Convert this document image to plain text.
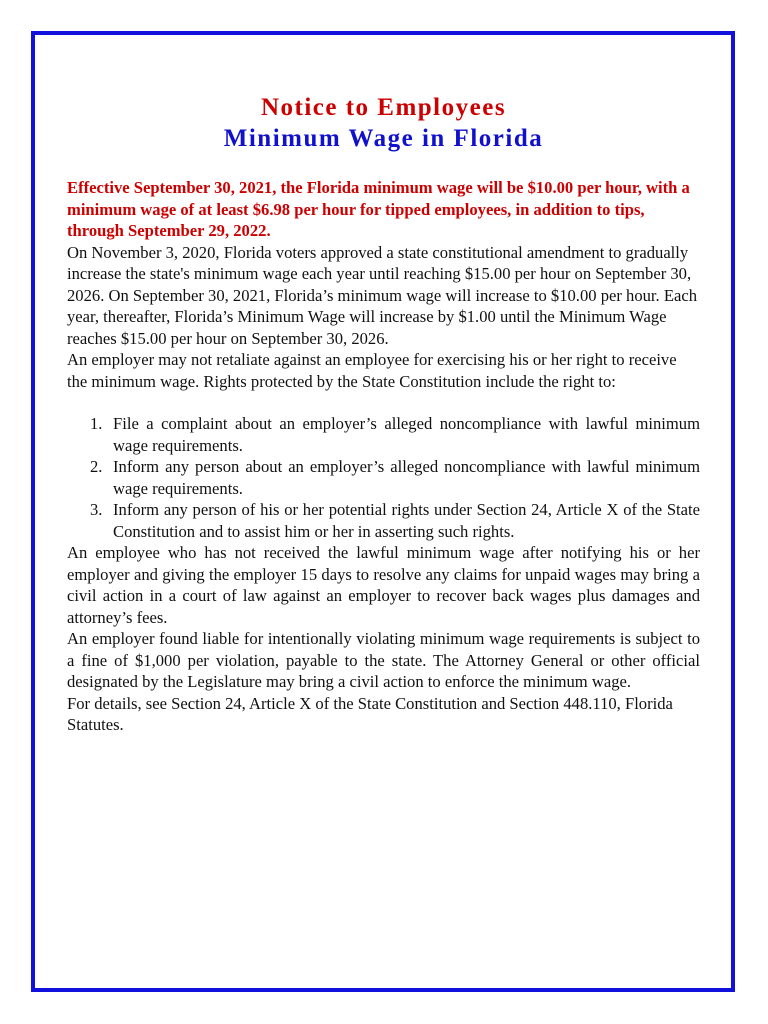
Notice to Employees
Minimum Wage in Florida

Effective September 30, 2021, the Florida minimum wage will be $10.00 per hour, with a minimum wage of at least $6.98 per hour for tipped employees, in addition to tips, through September 29, 2022.

On November 3, 2020, Florida voters approved a state constitutional amendment to gradually increase the state's minimum wage each year until reaching $15.00 per hour on September 30, 2026. On September 30, 2021, Florida’s minimum wage will increase to $10.00 per hour. Each year, thereafter, Florida’s Minimum Wage will increase by $1.00 until the Minimum Wage reaches $15.00 per hour on September 30, 2026.

An employer may not retaliate against an employee for exercising his or her right to receive the minimum wage. Rights protected by the State Constitution include the right to:

1. File a complaint about an employer’s alleged noncompliance with lawful minimum wage requirements.
2. Inform any person about an employer’s alleged noncompliance with lawful minimum wage requirements.
3. Inform any person of his or her potential rights under Section 24, Article X of the State Constitution and to assist him or her in asserting such rights.

An employee who has not received the lawful minimum wage after notifying his or her employer and giving the employer 15 days to resolve any claims for unpaid wages may bring a civil action in a court of law against an employer to recover back wages plus damages and attorney’s fees.

An employer found liable for intentionally violating minimum wage requirements is subject to a fine of $1,000 per violation, payable to the state. The Attorney General or other official designated by the Legislature may bring a civil action to enforce the minimum wage.

For details, see Section 24, Article X of the State Constitution and Section 448.110, Florida Statutes.
